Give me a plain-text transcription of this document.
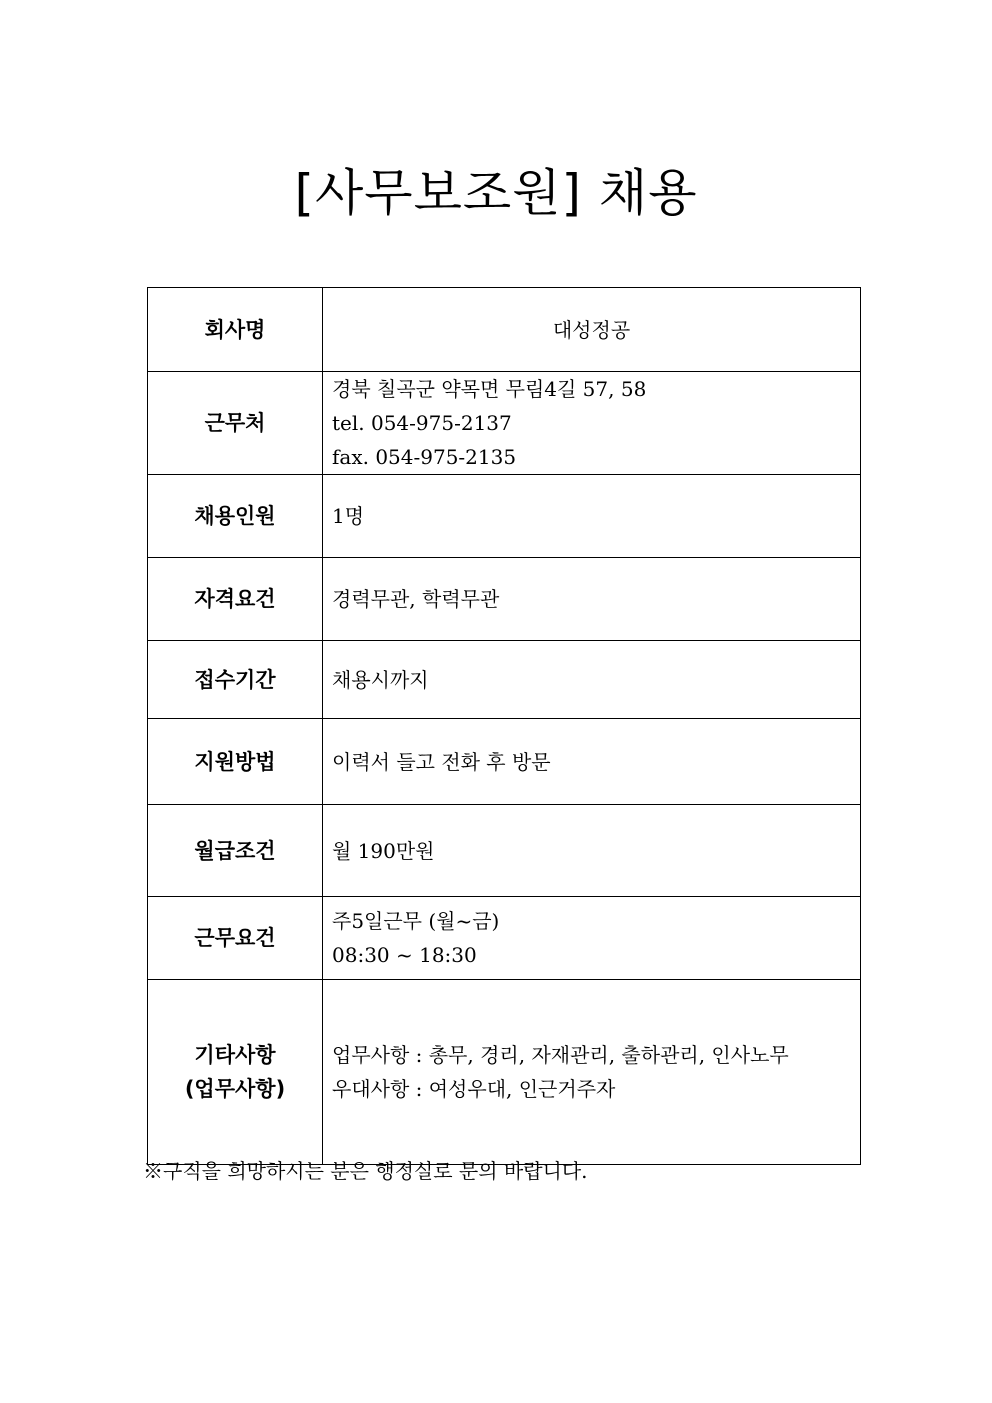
[사무보조원] 채용
회사명	대성정공
근무처	경북 칠곡군 약목면 무림4길 57, 58
tel. 054-975-2137
fax. 054-975-2135

채용인원	1명
자격요건	경력무관, 학력무관
접수기간	채용시까지
지원방법	이력서 들고 전화 후 방문
월급조건	월 190만원
근무요건	주5일근무 (월~금)
08:30 ~ 18:30

기타사항
(업무사항)	업무사항 : 총무, 경리, 자재관리, 출하관리, 인사노무
우대사항 : 여성우대, 인근거주자
※구직을 희망하시는 분은 행정실로 문의 바랍니다.
